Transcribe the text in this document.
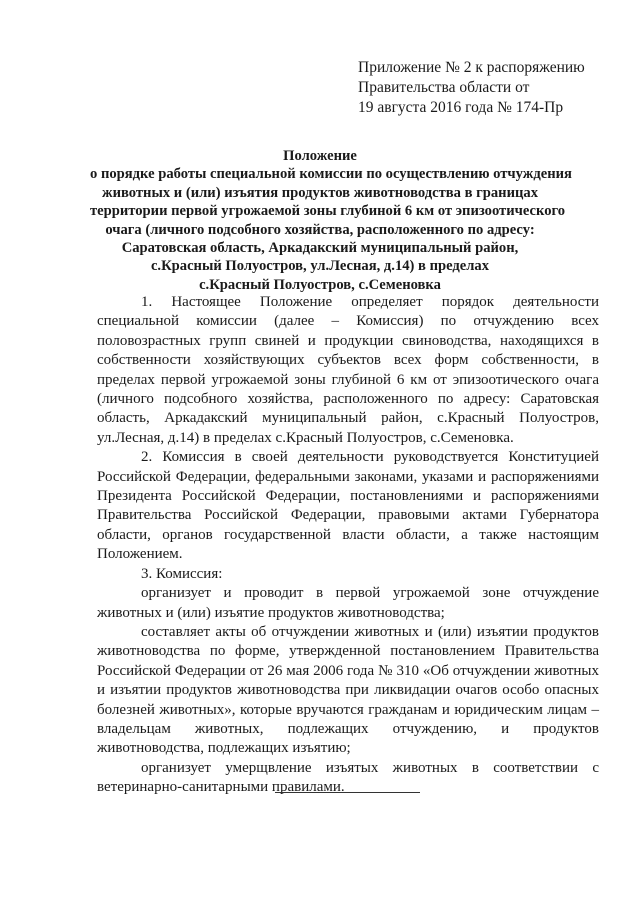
Приложение № 2 к распоряжению
Правительства области от
19 августа 2016 года № 174-Пр
Положение
о порядке работы специальной комиссии по осуществлению отчуждения
животных и (или) изъятия продуктов животноводства в границах
территории первой угрожаемой зоны глубиной 6 км от эпизоотического
очага (личного подсобного хозяйства, расположенного по адресу:
Саратовская область, Аркадакский муниципальный район,
с.Красный Полуостров, ул.Лесная, д.14) в пределах
с.Красный Полуостров, с.Семеновка

1. Настоящее Положение определяет порядок деятельности специальной комиссии (далее – Комиссия) по отчуждению всех половозрастных групп свиней и продукции свиноводства, находящихся в собственности хозяйствующих субъектов всех форм собственности, в пределах первой угрожаемой зоны глубиной 6 км от эпизоотического очага (личного подсобного хозяйства, расположенного по адресу: Саратовская область, Аркадакский муниципальный район, с.Красный Полуостров, ул.Лесная, д.14) в пределах с.Красный Полуостров, с.Семеновка.

2. Комиссия в своей деятельности руководствуется Конституцией Российской Федерации, федеральными законами, указами и распоряжениями Президента Российской Федерации, постановлениями и распоряжениями Правительства Российской Федерации, правовыми актами Губернатора области, органов государственной власти области, а также настоящим Положением.

3. Комиссия:

организует и проводит в первой угрожаемой зоне отчуждение животных и (или) изъятие продуктов животноводства;

составляет акты об отчуждении животных и (или) изъятии продуктов животноводства по форме, утвержденной постановлением Правительства Российской Федерации от 26 мая 2006 года № 310 «Об отчуждении животных и изъятии продуктов животноводства при ликвидации очагов особо опасных болезней животных», которые вручаются гражданам и юридическим лицам – владельцам животных, подлежащих отчуждению, и продуктов животноводства, подлежащих изъятию;

организует умерщвление изъятых животных в соответствии с ветеринарно-санитарными правилами.
